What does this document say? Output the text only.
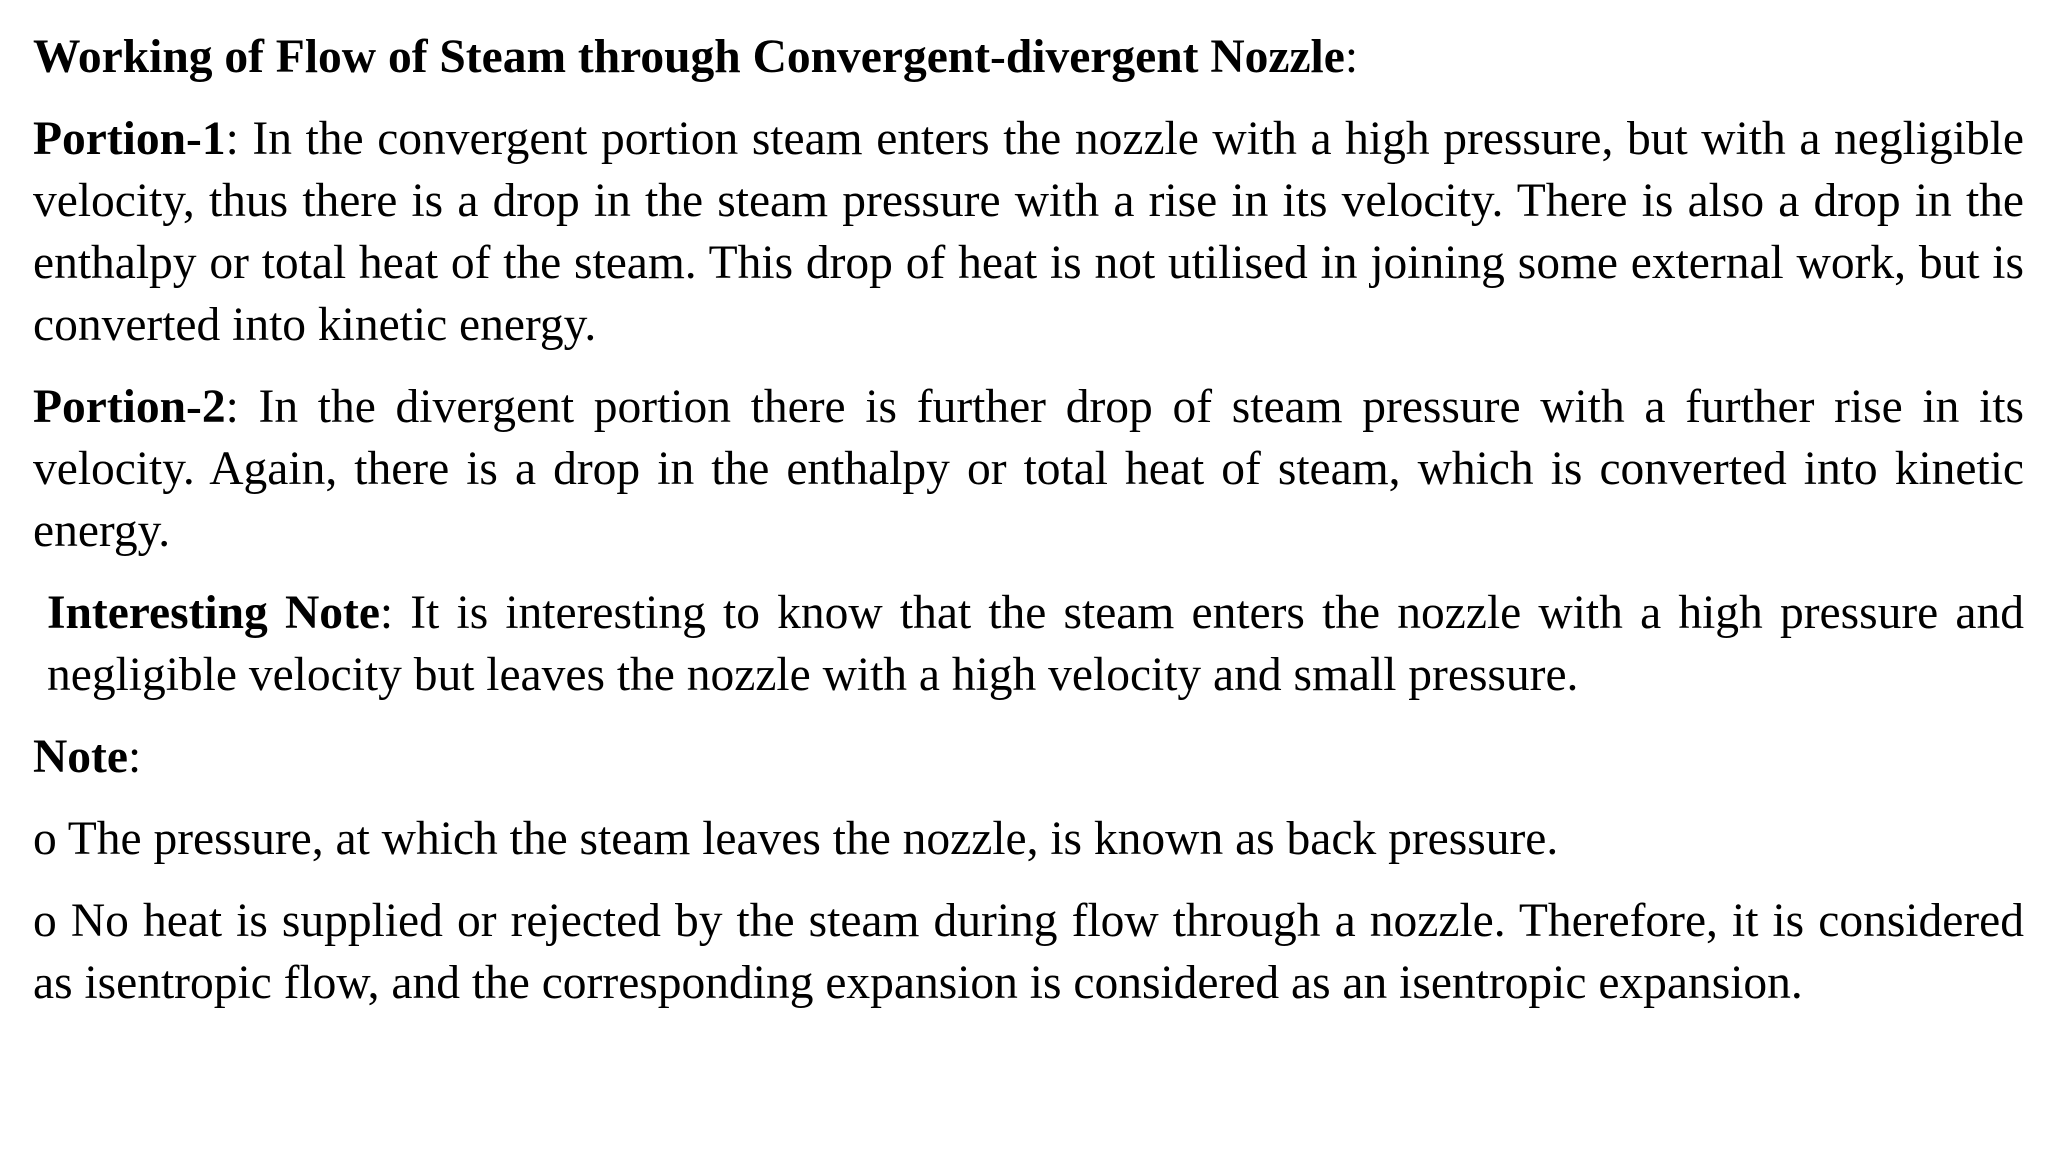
Working of Flow of Steam through Convergent-divergent Nozzle:

Portion-1: In the convergent portion steam enters the nozzle with a high pressure, but with a negligible velocity, thus there is a drop in the steam pressure with a rise in its velocity. There is also a drop in the enthalpy or total heat of the steam. This drop of heat is not utilised in joining some external work, but is converted into kinetic energy.

Portion-2: In the divergent portion there is further drop of steam pressure with a further rise in its velocity. Again, there is a drop in the enthalpy or total heat of steam, which is converted into kinetic energy.

Interesting Note: It is interesting to know that the steam enters the nozzle with a high pressure and negligible velocity but leaves the nozzle with a high velocity and small pressure.

Note:

o The pressure, at which the steam leaves the nozzle, is known as back pressure.

o No heat is supplied or rejected by the steam during flow through a nozzle. Therefore, it is considered as isentropic flow, and the corresponding expansion is considered as an isentropic expansion.
